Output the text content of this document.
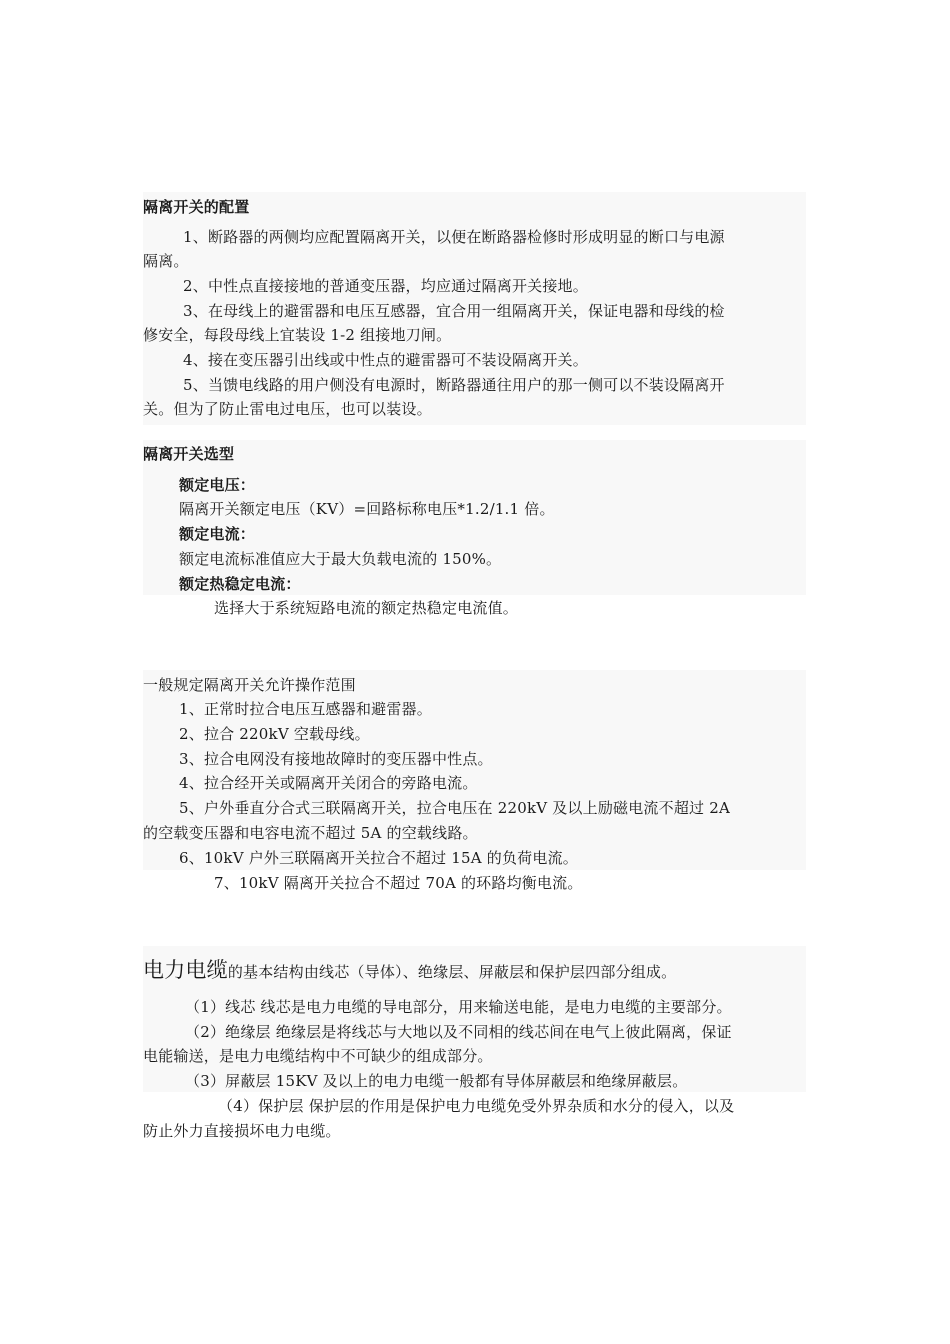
隔离开关的配置
1、断路器的两侧均应配置隔离开关，以便在断路器检修时形成明显的断口与电源
隔离。
2、中性点直接接地的普通变压器，均应通过隔离开关接地。
3、在母线上的避雷器和电压互感器，宜合用一组隔离开关，保证电器和母线的检
修安全，每段母线上宜装设 1-2 组接地刀闸。
4、接在变压器引出线或中性点的避雷器可不装设隔离开关。
5、当馈电线路的用户侧没有电源时，断路器通往用户的那一侧可以不装设隔离开
关。但为了防止雷电过电压，也可以装设。
隔离开关选型
额定电压：
隔离开关额定电压（KV）=回路标称电压*1.2/1.1 倍。
额定电流：
额定电流标准值应大于最大负载电流的 150%。
额定热稳定电流：
选择大于系统短路电流的额定热稳定电流值。
一般规定隔离开关允许操作范围
1、正常时拉合电压互感器和避雷器。
2、拉合 220kV 空载母线。
3、拉合电网没有接地故障时的变压器中性点。
4、拉合经开关或隔离开关闭合的旁路电流。
5、户外垂直分合式三联隔离开关，拉合电压在 220kV 及以上励磁电流不超过 2A
的空载变压器和电容电流不超过 5A 的空载线路。
6、10kV 户外三联隔离开关拉合不超过 15A 的负荷电流。
7、10kV 隔离开关拉合不超过 70A 的环路均衡电流。
电力电缆的基本结构由线芯（导体）、绝缘层、屏蔽层和保护层四部分组成。
（1）线芯 线芯是电力电缆的导电部分，用来输送电能，是电力电缆的主要部分。
（2）绝缘层 绝缘层是将线芯与大地以及不同相的线芯间在电气上彼此隔离，保证
电能输送，是电力电缆结构中不可缺少的组成部分。
（3）屏蔽层 15KV 及以上的电力电缆一般都有导体屏蔽层和绝缘屏蔽层。
（4）保护层 保护层的作用是保护电力电缆免受外界杂质和水分的侵入，以及
防止外力直接损坏电力电缆。
